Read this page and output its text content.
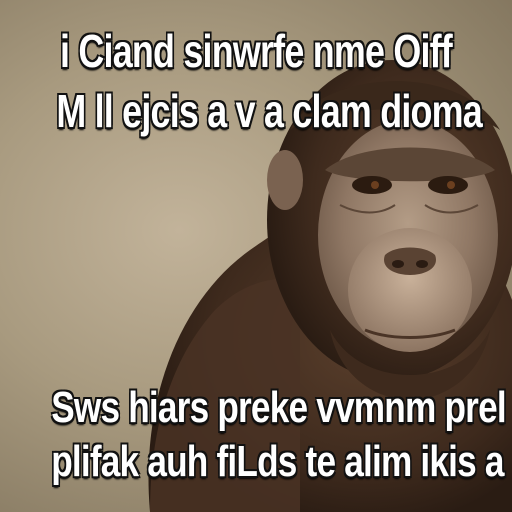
i Ciand sinwrfe nme Oiff
M ll ejcis a v a clam dioma
Sws hiars preke vvmnm prel
plifak auh fiLds te alim ikis a
